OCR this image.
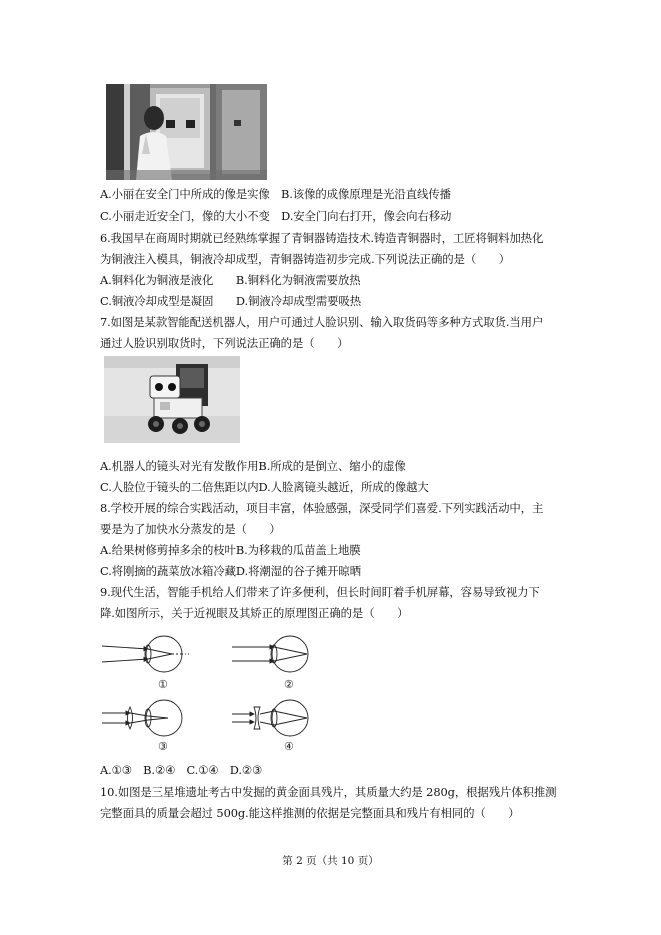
A.小丽在安全门中所成的像是实像　B.该像的成像原理是光沿直线传播
C.小丽走近安全门，像的大小不变　D.安全门向右打开，像会向右移动
6.我国早在商周时期就已经熟练掌握了青铜器铸造技术.铸造青铜器时，工匠将铜料加热化
为铜液注入模具，铜液冷却成型，青铜器铸造初步完成.下列说法正确的是（　　）
A.铜料化为铜液是液化　　B.铜料化为铜液需要放热
C.铜液冷却成型是凝固　　D.铜液冷却成型需要吸热
7.如图是某款智能配送机器人，用户可通过人脸识别、输入取货码等多种方式取货.当用户
通过人脸识别取货时，下列说法正确的是（　　）
A.机器人的镜头对光有发散作用B.所成的是倒立、缩小的虚像
C.人脸位于镜头的二倍焦距以内D.人脸离镜头越近，所成的像越大
8.学校开展的综合实践活动，项目丰富，体验感强，深受同学们喜爱.下列实践活动中，主
要是为了加快水分蒸发的是（　　）
A.给果树修剪掉多余的枝叶B.为移栽的瓜苗盖上地膜
C.将刚摘的蔬菜放冰箱冷藏D.将潮湿的谷子摊开晾晒
9.现代生活，智能手机给人们带来了许多便利，但长时间盯着手机屏幕，容易导致视力下
降.如图所示，关于近视眼及其矫正的原理图正确的是（　　）
①	②
③	④
A.①③　B.②④　C.①④　D.②③
10.如图是三星堆遗址考古中发掘的黄金面具残片，其质量大约是 280g，根据残片体积推测
完整面具的质量会超过 500g.能这样推测的依据是完整面具和残片有相同的（　　）
第 2 页（共 10 页）
